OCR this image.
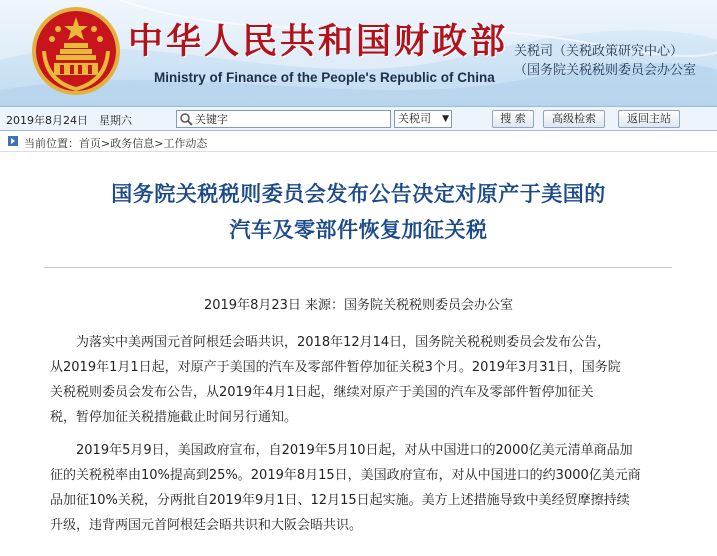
中华人民共和国财政部
Ministry of Finance of the People's Republic of China
关税司（关税政策研究中心）
（国务院关税税则委员会办公室
2019年8月24日 星期六
关键字	关税司 ▼	搜 索	高级检索	返回主站
当前位置：首页>政务信息>工作动态
国务院关税税则委员会发布公告决定对原产于美国的
汽车及零部件恢复加征关税
2019年8月23日 来源：国务院关税税则委员会办公室
为落实中美两国元首阿根廷会晤共识，2018年12月14日，国务院关税税则委员会发布公告，
从2019年1月1日起，对原产于美国的汽车及零部件暂停加征关税3个月。2019年3月31日，国务院
关税税则委员会发布公告，从2019年4月1日起，继续对原产于美国的汽车及零部件暂停加征关
税，暂停加征关税措施截止时间另行通知。
2019年5月9日，美国政府宣布，自2019年5月10日起，对从中国进口的2000亿美元清单商品加
征的关税税率由10%提高到25%。2019年8月15日，美国政府宣布，对从中国进口的约3000亿美元商
品加征10%关税，分两批自2019年9月1日、12月15日起实施。美方上述措施导致中美经贸摩擦持续
升级，违背两国元首阿根廷会晤共识和大阪会晤共识。
